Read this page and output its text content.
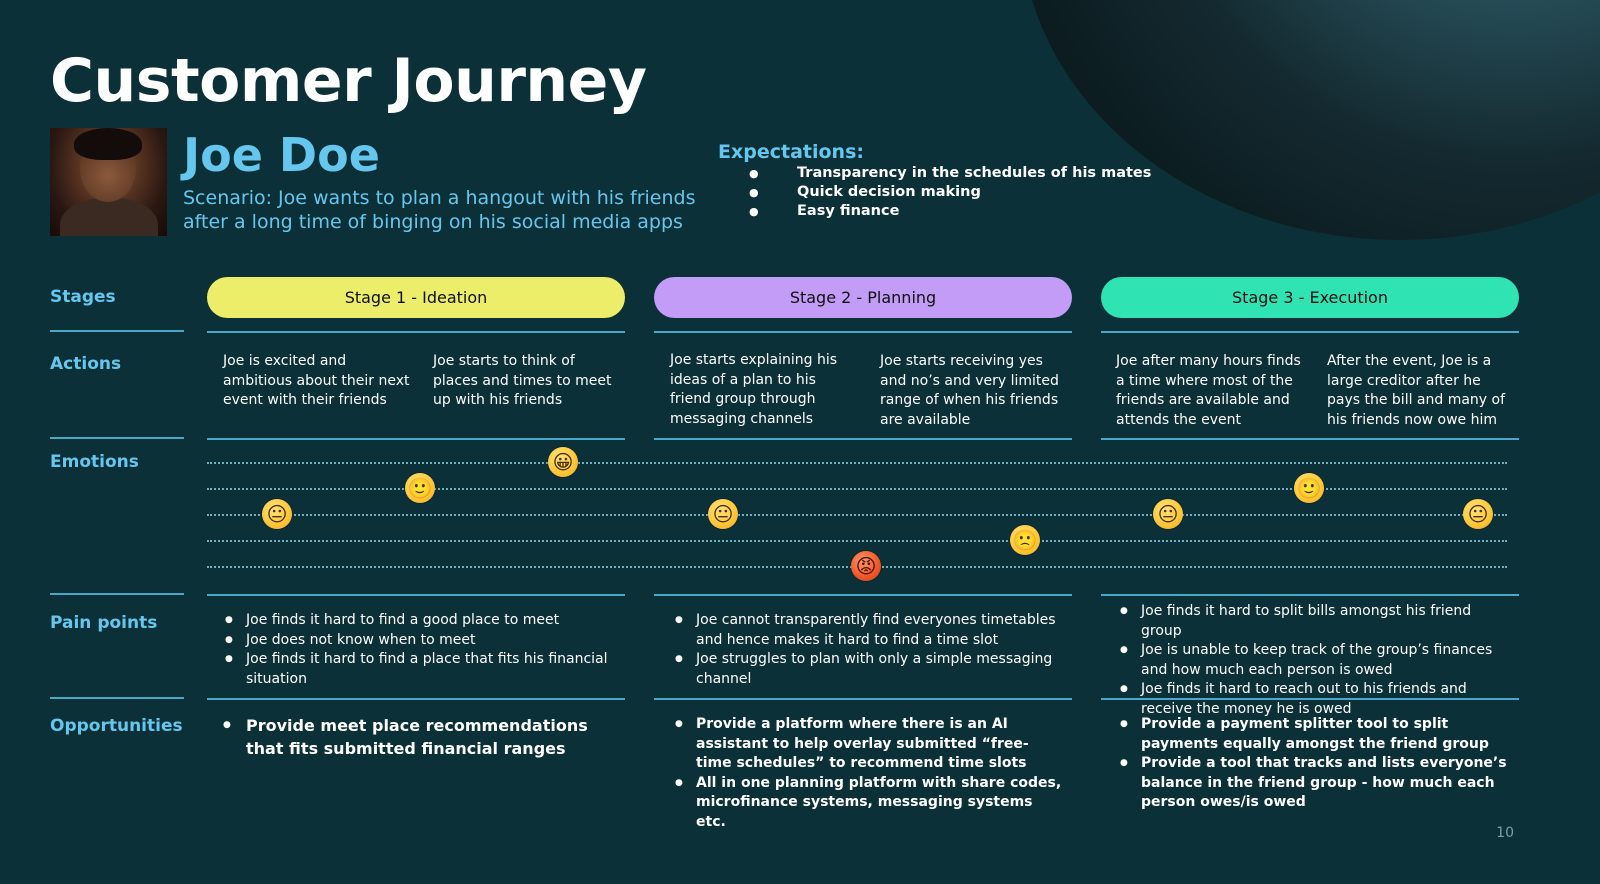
Customer Journey
Joe Doe
Scenario: Joe wants to plan a hangout with his friends after a long time of binging on his social media apps
Expectations:
● Transparency in the schedules of his mates
● Quick decision making
● Easy finance
Stages
Actions
Emotions
Pain points
Opportunities
Stage 1 - Ideation	Stage 2 - Planning	Stage 3 - Execution
Joe is excited and ambitious about their next event with their friends
Joe starts to think of places and times to meet up with his friends
Joe starts explaining his ideas of a plan to his friend group through messaging channels
Joe starts receiving yes and no’s and very limited range of when his friends are available
Joe after many hours finds a time where most of the friends are available and attends the event
After the event, Joe is a large creditor after he pays the bill and many of his friends now owe him
😐
🙂
😀
😐
😡
🙁
😐
🙂
😐
● Joe finds it hard to find a good place to meet
● Joe does not know when to meet
● Joe finds it hard to find a place that fits his financial situation
● Joe cannot transparently find everyones timetables and hence makes it hard to find a time slot
● Joe struggles to plan with only a simple messaging channel
● Joe finds it hard to split bills amongst his friend group
● Joe is unable to keep track of the group’s finances and how much each person is owed
● Joe finds it hard to reach out to his friends and receive the money he is owed
● Provide meet place recommendations that fits submitted financial ranges
● Provide a platform where there is an AI assistant to help overlay submitted “free-time schedules” to recommend time slots
● All in one planning platform with share codes, microfinance systems, messaging systems etc.
● Provide a payment splitter tool to split payments equally amongst the friend group
● Provide a tool that tracks and lists everyone’s balance in the friend group - how much each person owes/is owed
10
